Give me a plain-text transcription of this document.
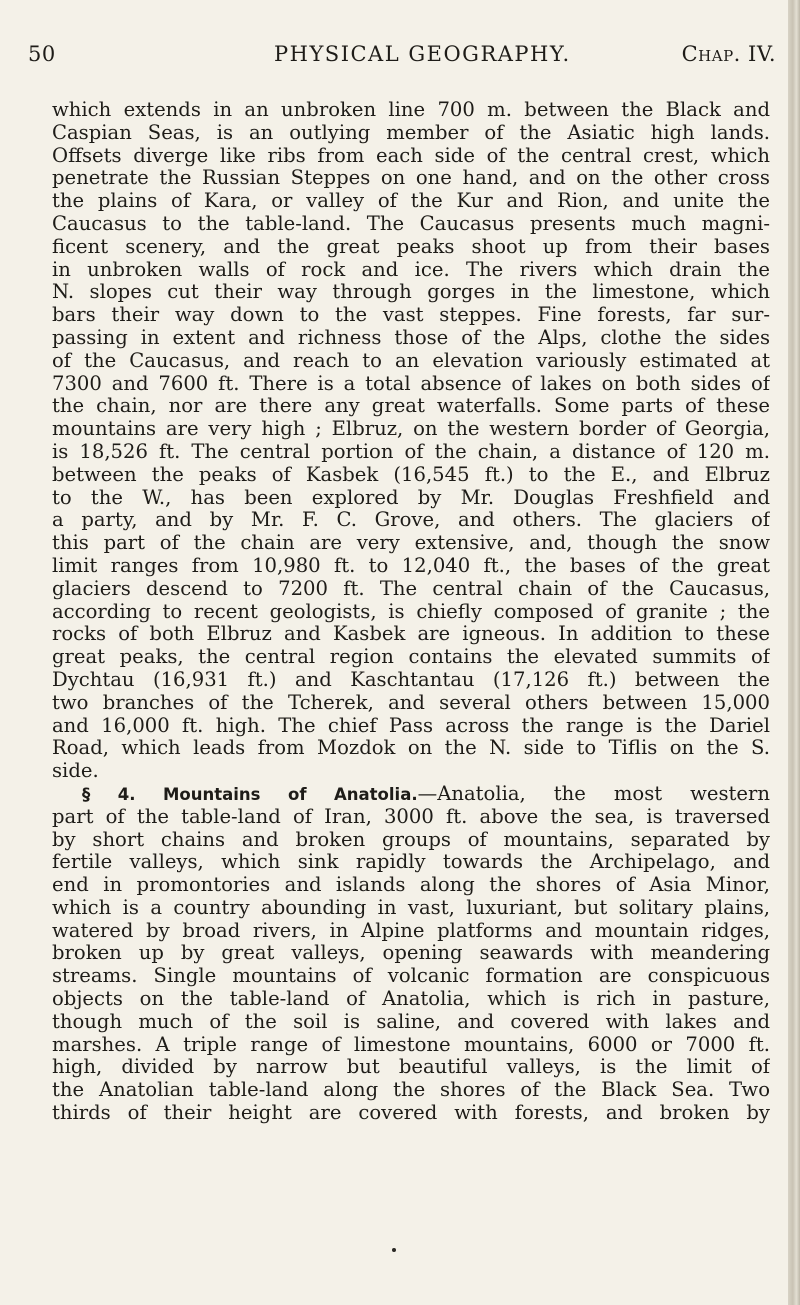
50	PHYSICAL GEOGRAPHY.	Chap. IV.
which extends in an unbroken line 700 m. between the Black and
Caspian Seas, is an outlying member of the Asiatic high lands.
Offsets diverge like ribs from each side of the central crest, which
penetrate the Russian Steppes on one hand, and on the other cross
the plains of Kara, or valley of the Kur and Rion, and unite the
Caucasus to the table-land. The Caucasus presents much magni-
ficent scenery, and the great peaks shoot up from their bases
in unbroken walls of rock and ice. The rivers which drain the
N. slopes cut their way through gorges in the limestone, which
bars their way down to the vast steppes. Fine forests, far sur-
passing in extent and richness those of the Alps, clothe the sides
of the Caucasus, and reach to an elevation variously estimated at
7300 and 7600 ft. There is a total absence of lakes on both sides of
the chain, nor are there any great waterfalls. Some parts of these
mountains are very high ; Elbruz, on the western border of Georgia,
is 18,526 ft. The central portion of the chain, a distance of 120 m.
between the peaks of Kasbek (16,545 ft.) to the E., and Elbruz
to the W., has been explored by Mr. Douglas Freshfield and
a party, and by Mr. F. C. Grove, and others. The glaciers of
this part of the chain are very extensive, and, though the snow
limit ranges from 10,980 ft. to 12,040 ft., the bases of the great
glaciers descend to 7200 ft. The central chain of the Caucasus,
according to recent geologists, is chiefly composed of granite ; the
rocks of both Elbruz and Kasbek are igneous. In addition to these
great peaks, the central region contains the elevated summits of
Dychtau (16,931 ft.) and Kaschtantau (17,126 ft.) between the
two branches of the Tcherek, and several others between 15,000
and 16,000 ft. high. The chief Pass across the range is the Dariel
Road, which leads from Mozdok on the N. side to Tiflis on the S.
side.
§ 4. Mountains of Anatolia.—Anatolia, the most western
part of the table-land of Iran, 3000 ft. above the sea, is traversed
by short chains and broken groups of mountains, separated by
fertile valleys, which sink rapidly towards the Archipelago, and
end in promontories and islands along the shores of Asia Minor,
which is a country abounding in vast, luxuriant, but solitary plains,
watered by broad rivers, in Alpine platforms and mountain ridges,
broken up by great valleys, opening seawards with meandering
streams. Single mountains of volcanic formation are conspicuous
objects on the table-land of Anatolia, which is rich in pasture,
though much of the soil is saline, and covered with lakes and
marshes. A triple range of limestone mountains, 6000 or 7000 ft.
high, divided by narrow but beautiful valleys, is the limit of
the Anatolian table-land along the shores of the Black Sea. Two
thirds of their height are covered with forests, and broken by
